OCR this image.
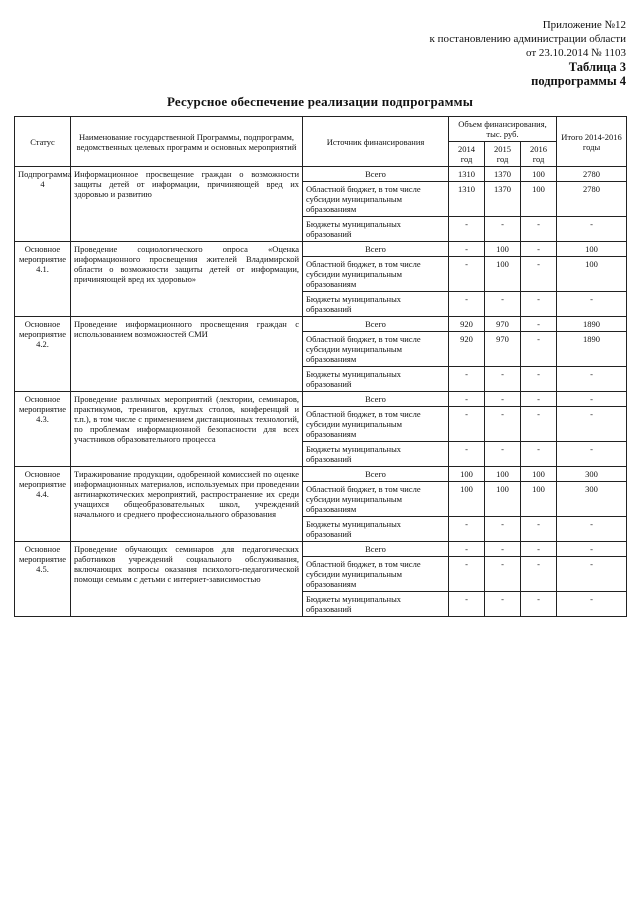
Приложение №12
к постановлению администрации области
от 23.10.2014 № 1103
Таблица 3
подпрограммы 4
Ресурсное обеспечение реализации подпрограммы
Статус	Наименование государственной Программы, подпрограмм, ведомственных целевых программ и основных мероприятий	Источник финансирования	Объем финансирования, тыс. руб.			Итого 2014-2016 годы
			2014 год	2015 год	2016 год	
Подпрограмма 4	Информационное просвещение граждан о возможности защиты детей от информации, причиняющей вред их здоровью и развитию	Всего	1310	1370	100	2780
		Областной бюджет, в том числе субсидии муниципальным образованиям	1310	1370	100	2780
		Бюджеты муниципальных образований	-	-	-	-
Основное мероприятие 4.1.	Проведение социологического опроса «Оценка информационного просвещения жителей Владимирской области о возможности защиты детей от информации, причиняющей вред их здоровью»	Всего	-	100	-	100
		Областной бюджет, в том числе субсидии муниципальным образованиям	-	100	-	100
		Бюджеты муниципальных образований	-	-	-	-
Основное мероприятие 4.2.	Проведение информационного просвещения граждан с использованием возможностей СМИ	Всего	920	970	-	1890
		Областной бюджет, в том числе субсидии муниципальным образованиям	920	970	-	1890
		Бюджеты муниципальных образований	-	-	-	-
Основное мероприятие 4.3.	Проведение различных мероприятий (лектории, семинаров, практикумов, тренингов, круглых столов, конференций и т.п.), в том числе с применением дистанционных технологий, по проблемам информационной безопасности для всех участников образовательного процесса	Всего	-	-	-	-
		Областной бюджет, в том числе субсидии муниципальным образованиям	-	-	-	-
		Бюджеты муниципальных образований	-	-	-	-
Основное мероприятие 4.4.	Тиражирование продукции, одобренной комиссией по оценке информационных материалов, используемых при проведении антинаркотических мероприятий, распространение их среди учащихся общеобразовательных школ, учреждений начального и среднего профессионального образования	Всего	100	100	100	300
		Областной бюджет, в том числе субсидии муниципальным образованиям	100	100	100	300
		Бюджеты муниципальных образований	-	-	-	-
Основное мероприятие 4.5.	Проведение обучающих семинаров для педагогических работников учреждений социального обслуживания, включающих вопросы оказания психолого-педагогической помощи семьям с детьми с интернет-зависимостью	Всего	-	-	-	-
		Областной бюджет, в том числе субсидии муниципальным образованиям	-	-	-	-
		Бюджеты муниципальных образований	-	-	-	-
